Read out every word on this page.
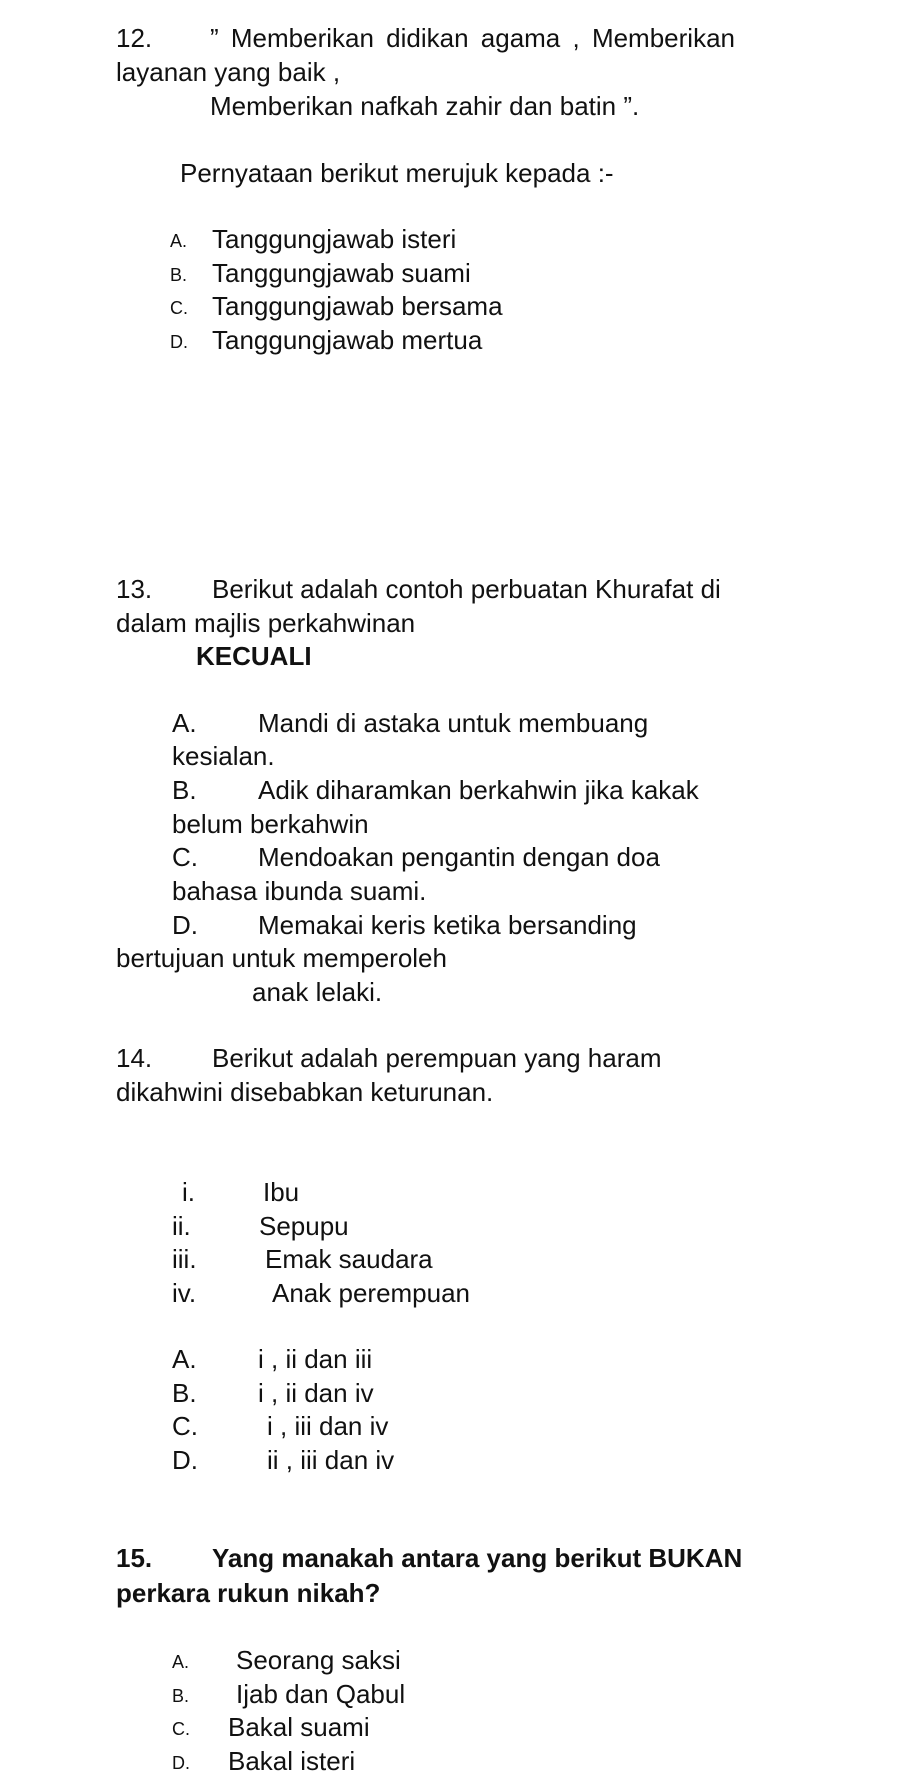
12. ” Memberikan didikan agama , Memberikan
layanan yang baik ,
Memberikan nafkah zahir dan batin ”.
Pernyataan berikut merujuk kepada :-
A. Tanggungjawab isteri
B. Tanggungjawab suami
C. Tanggungjawab bersama
D. Tanggungjawab mertua
13. Berikut adalah contoh perbuatan Khurafat di
dalam majlis perkahwinan
KECUALI
A. Mandi di astaka untuk membuang
kesialan.
B. Adik diharamkan berkahwin jika kakak
belum berkahwin
C. Mendoakan pengantin dengan doa
bahasa ibunda suami.
D. Memakai keris ketika bersanding
bertujuan untuk memperoleh
anak lelaki.
14. Berikut adalah perempuan yang haram
dikahwini disebabkan keturunan.
i.	Ibu
ii.	Sepupu
iii.	Emak saudara
iv.	Anak perempuan
A. i , ii dan iii
B. i , ii dan iv
C.	i , iii dan iv
D.	ii , iii dan iv
15. Yang manakah antara yang berikut BUKAN
perkara rukun nikah?
A. Seorang saksi
B. Ijab dan Qabul
C. Bakal suami
D. Bakal isteri
